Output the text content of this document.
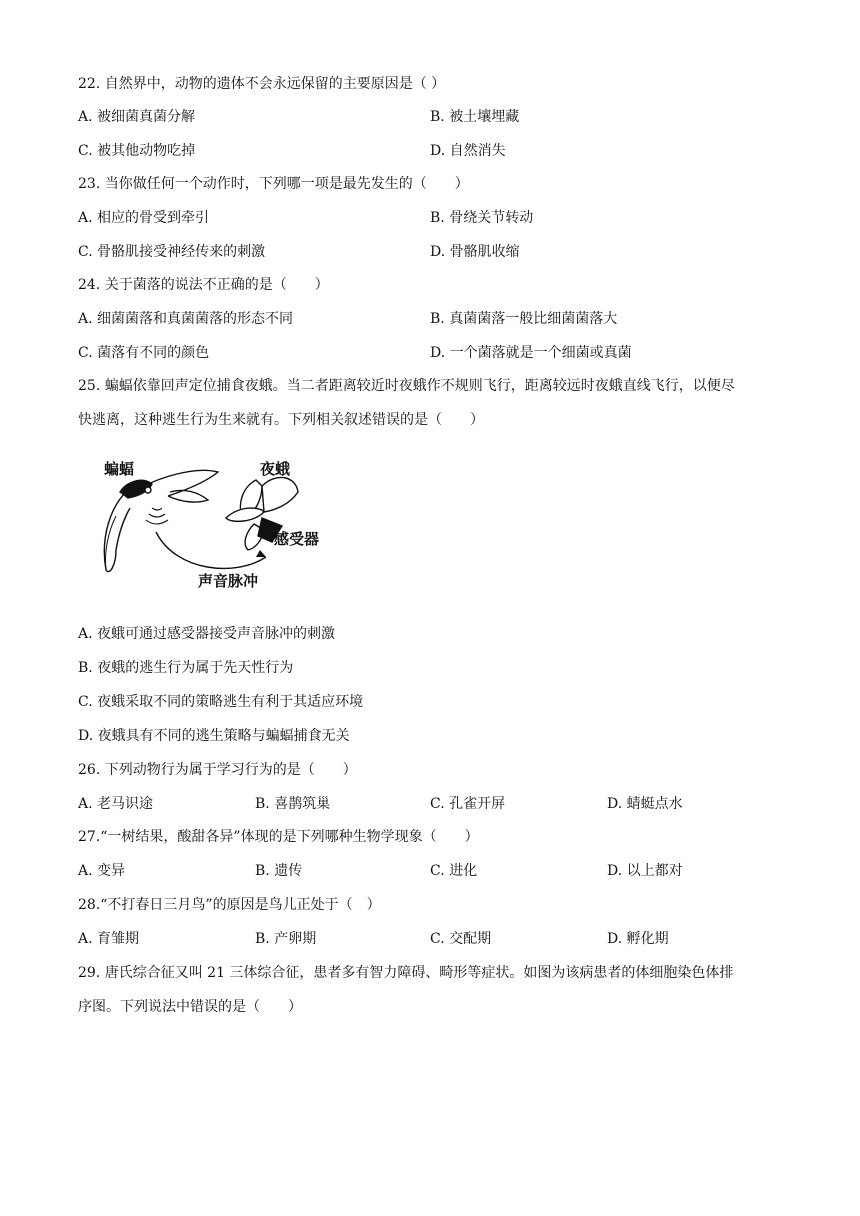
22. 自然界中，动物的遗体不会永远保留的主要原因是（ ）
A. 被细菌真菌分解	B. 被土壤埋藏
C. 被其他动物吃掉	D. 自然消失
23. 当你做任何一个动作时，下列哪一项是最先发生的（　　）
A. 相应的骨受到牵引	B. 骨绕关节转动
C. 骨骼肌接受神经传来的刺激	D. 骨骼肌收缩
24. 关于菌落的说法不正确的是（　　）
A. 细菌菌落和真菌菌落的形态不同	B. 真菌菌落一般比细菌菌落大
C. 菌落有不同的颜色	D. 一个菌落就是一个细菌或真菌
25. 蝙蝠依靠回声定位捕食夜蛾。当二者距离较近时夜蛾作不规则飞行，距离较远时夜蛾直线飞行，以便尽
快逃离，这种逃生行为生来就有。下列相关叙述错误的是（　　）
蝙蝠	夜蛾
感受器
声音脉冲
A. 夜蛾可通过感受器接受声音脉冲的刺激
B. 夜蛾的逃生行为属于先天性行为
C. 夜蛾采取不同的策略逃生有利于其适应环境
D. 夜蛾具有不同的逃生策略与蝙蝠捕食无关
26. 下列动物行为属于学习行为的是（　　）
A. 老马识途	B. 喜鹊筑巢	C. 孔雀开屏	D. 蜻蜓点水
27.“一树结果，酸甜各异”体现的是下列哪种生物学现象（　　）
A. 变异	B. 遗传	C. 进化	D. 以上都对
28.“不打春日三月鸟”的原因是鸟儿正处于（　）
A. 育雏期	B. 产卵期	C. 交配期	D. 孵化期
29. 唐氏综合征又叫 21 三体综合征，患者多有智力障碍、畸形等症状。如图为该病患者的体细胞染色体排
序图。下列说法中错误的是（　　）
